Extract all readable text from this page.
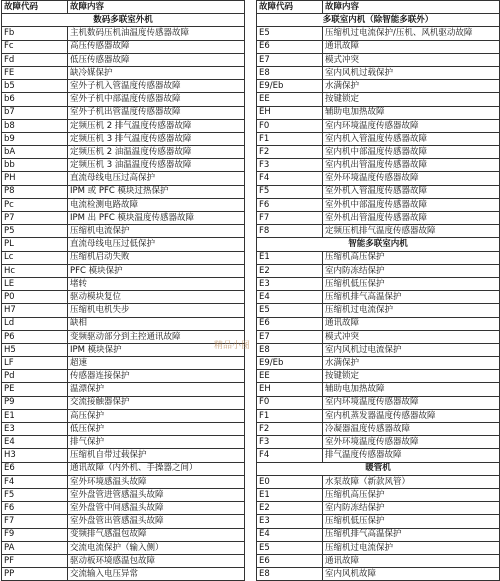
故障代码	故障内容
数码多联室外机	
Fb	主机数码压机油温度传感器故障
Fc	高压传感器故障
Fd	低压传感器故障
FE	缺冷媒保护
b5	室外子机入管温度传感器故障
b6	室外子机中部温度传感器故障
b7	室外子机出管温度传感器故障
b8	定频压机 2 排气温度传感器故障
b9	定频压机 3 排气温度传感器故障
bA	定频压机 2 油温温度传感器故障
bb	定频压机 3 油温温度传感器故障
PH	直流母线电压过高保护
P8	IPM 或 PFC 模块过热保护
Pc	电流检测电路故障
P7	IPM 出 PFC 模块温度传感器故障
P5	压缩机电流保护
PL	直流母线电压过低保护
Lc	压缩机启动失败
Hc	PFC 模块保护
LE	堵转
P0	驱动模块复位
H7	压缩机电机失步
Ld	缺相
P6	变频驱动部分到主控通讯故障
H5	IPM 模块保护
LF	超速
Pd	传感器连接保护
PE	温漂保护
P9	交流接触器保护
E1	高压保护
E3	低压保护
E4	排气保护
H3	压缩机自带过载保护
E6	通讯故障（内外机、手操器之间）
F4	室外环境感温头故障
F5	室外盘管进管感温头故障
F6	室外盘管中间感温头故障
F7	室外盘管出管感温头故障
F9	变频排气感温包故障
PA	交流电流保护（输入侧）
PF	驱动板环境感温包故障
PP	交流输入电压异常
故障代码	故障内容
多联室内机（除智能多联外）	
E5	压缩机过电流保护/压机、风机驱动故障
E6	通讯故障
E7	模式冲突
E8	室内风机过载保护
E9/Eb	水满保护
EE	按键锁定
EH	辅助电加热故障
F0	室内环境温度传感器故障
F1	室内机入管温度传感器故障
F2	室内机中部温度传感器故障
F3	室内机出管温度传感器故障
F4	室外环境温度传感器故障
F5	室外机入管温度传感器故障
F6	室外机中部温度传感器故障
F7	室外机出管温度传感器故障
F8	定频压机排气温度传感器故障
智能多联室内机	
E1	压缩机高压保护
E2	室内防冻结保护
E3	压缩机低压保护
E4	压缩机排气高温保护
E5	压缩机过电流保护
E6	通讯故障
E7	模式冲突
E8	室内风机过电流保护
E9/Eb	水满保护
EE	按键锁定
EH	辅助电加热故障
F0	室内环境温度传感器故障
F1	室内机蒸发器温度传感器故障
F2	冷凝器温度传感器故障
F3	室外环境温度传感器故障
F4	排气温度传感器故障
暖管机	
E0	水泵故障（新款风管）
E1	压缩机高压保护
E2	室内防冻结保护
E3	压缩机低压保护
E4	压缩机排气高温保护
E5	压缩机过电流保护
E6	通讯故障
E8	室内风机故障
精品小图
